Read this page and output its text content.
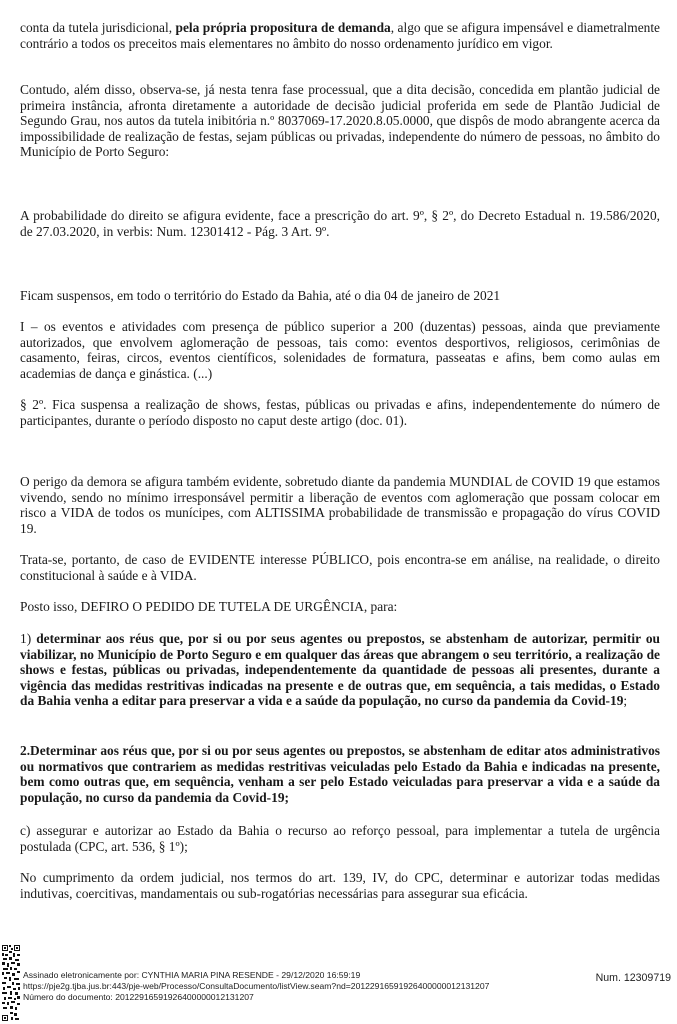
conta da tutela jurisdicional, pela própria propositura de demanda, algo que se afigura impensável e diametralmente contrário a todos os preceitos mais elementares no âmbito do nosso ordenamento jurídico em vigor.

Contudo, além disso, observa-se, já nesta tenra fase processual, que a dita decisão, concedida em plantão judicial de primeira instância, afronta diretamente a autoridade de decisão judicial proferida em sede de Plantão Judicial de Segundo Grau, nos autos da tutela inibitória n.º 8037069-17.2020.8.05.0000, que dispôs de modo abrangente acerca da impossibilidade de realização de festas, sejam públicas ou privadas, independente do número de pessoas, no âmbito do Município de Porto Seguro:

A probabilidade do direito se afigura evidente, face a prescrição do art. 9º, § 2º, do Decreto Estadual n. 19.586/2020, de 27.03.2020, in verbis: Num. 12301412 - Pág. 3 Art. 9º.

Ficam suspensos, em todo o território do Estado da Bahia, até o dia 04 de janeiro de 2021

I – os eventos e atividades com presença de público superior a 200 (duzentas) pessoas, ainda que previamente autorizados, que envolvem aglomeração de pessoas, tais como: eventos desportivos, religiosos, cerimônias de casamento, feiras, circos, eventos científicos, solenidades de formatura, passeatas e afins, bem como aulas em academias de dança e ginástica. (...)

§ 2º. Fica suspensa a realização de shows, festas, públicas ou privadas e afins, independentemente do número de participantes, durante o período disposto no caput deste artigo (doc. 01).

O perigo da demora se afigura também evidente, sobretudo diante da pandemia MUNDIAL de COVID 19 que estamos vivendo, sendo no mínimo irresponsável permitir a liberação de eventos com aglomeração que possam colocar em risco a VIDA de todos os munícipes, com ALTISSIMA probabilidade de transmissão e propagação do vírus COVID 19.

Trata-se, portanto, de caso de EVIDENTE interesse PÚBLICO, pois encontra-se em análise, na realidade, o direito constitucional à saúde e à VIDA.

Posto isso, DEFIRO O PEDIDO DE TUTELA DE URGÊNCIA, para:

1) determinar aos réus que, por si ou por seus agentes ou prepostos, se abstenham de autorizar, permitir ou viabilizar, no Município de Porto Seguro e em qualquer das áreas que abrangem o seu território, a realização de shows e festas, públicas ou privadas, independentemente da quantidade de pessoas ali presentes, durante a vigência das medidas restritivas indicadas na presente e de outras que, em sequência, a tais medidas, o Estado da Bahia venha a editar para preservar a vida e a saúde da população, no curso da pandemia da Covid-19;

2.Determinar aos réus que, por si ou por seus agentes ou prepostos, se abstenham de editar atos administrativos ou normativos que contrariem as medidas restritivas veiculadas pelo Estado da Bahia e indicadas na presente, bem como outras que, em sequência, venham a ser pelo Estado veiculadas para preservar a vida e a saúde da população, no curso da pandemia da Covid-19;

c) assegurar e autorizar ao Estado da Bahia o recurso ao reforço pessoal, para implementar a tutela de urgência postulada (CPC, art. 536, § 1º);

No cumprimento da ordem judicial, nos termos do art. 139, IV, do CPC, determinar e autorizar todas medidas indutivas, coercitivas, mandamentais ou sub-rogatórias necessárias para assegurar sua eficácia.

Assinado eletronicamente por: CYNTHIA MARIA PINA RESENDE - 29/12/2020 16:59:19
https://pje2g.tjba.jus.br:443/pje-web/Processo/ConsultaDocumento/listView.seam?nd=20122916591926400000012131207
Número do documento: 20122916591926400000012131207
Num. 12309719
